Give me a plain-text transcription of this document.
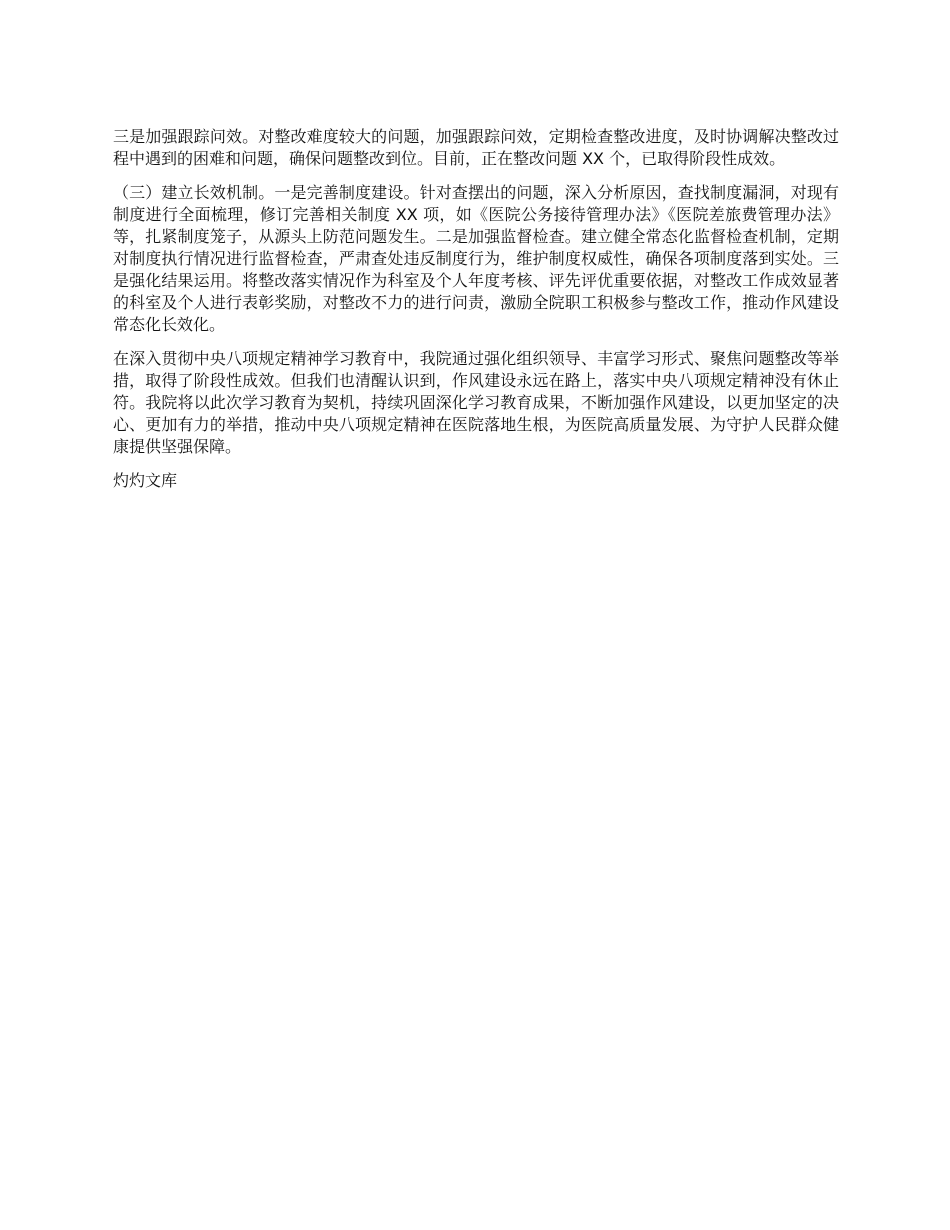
三是加强跟踪问效。对整改难度较大的问题，加强跟踪问效，定期检查整改进度，及时协调解决整改过程中遇到的困难和问题，确保问题整改到位。目前，正在整改问题 XX 个，已取得阶段性成效。

（三）建立长效机制。一是完善制度建设。针对查摆出的问题，深入分析原因，查找制度漏洞，对现有制度进行全面梳理，修订完善相关制度 XX 项，如《医院公务接待管理办法》《医院差旅费管理办法》等，扎紧制度笼子，从源头上防范问题发生。二是加强监督检查。建立健全常态化监督检查机制，定期对制度执行情况进行监督检查，严肃查处违反制度行为，维护制度权威性，确保各项制度落到实处。三是强化结果运用。将整改落实情况作为科室及个人年度考核、评先评优重要依据，对整改工作成效显著的科室及个人进行表彰奖励，对整改不力的进行问责，激励全院职工积极参与整改工作，推动作风建设常态化长效化。

在深入贯彻中央八项规定精神学习教育中，我院通过强化组织领导、丰富学习形式、聚焦问题整改等举措，取得了阶段性成效。但我们也清醒认识到，作风建设永远在路上，落实中央八项规定精神没有休止符。我院将以此次学习教育为契机，持续巩固深化学习教育成果，不断加强作风建设，以更加坚定的决心、更加有力的举措，推动中央八项规定精神在医院落地生根，为医院高质量发展、为守护人民群众健康提供坚强保障。

灼灼文库
